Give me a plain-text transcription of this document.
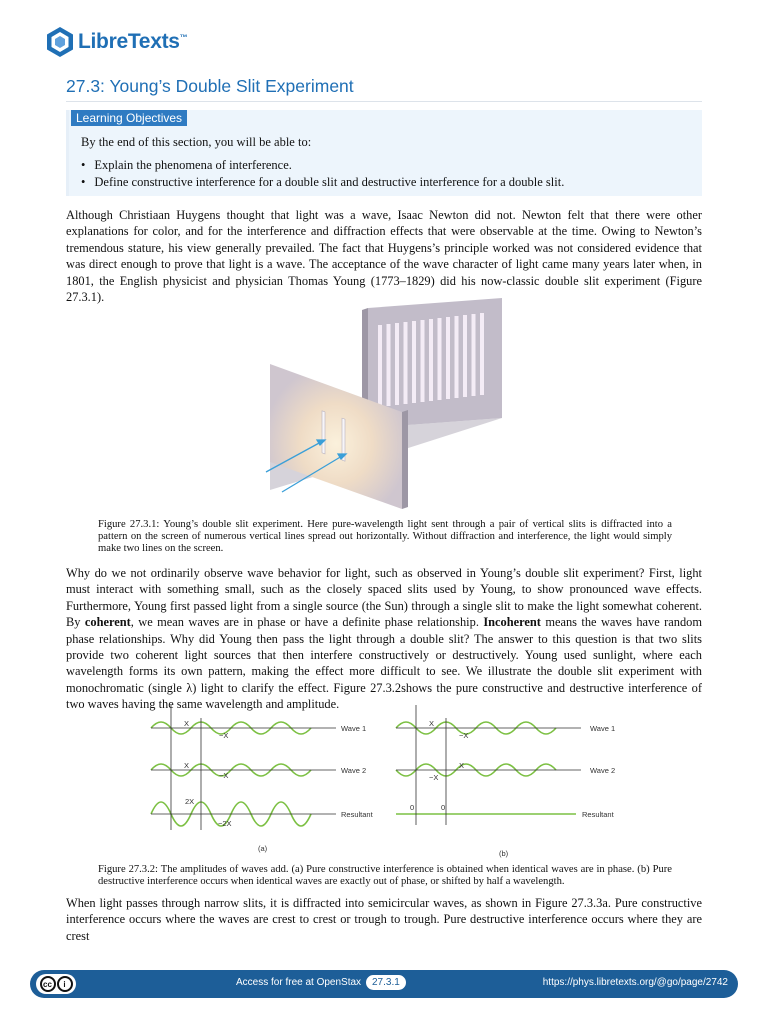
LibreTexts™
27.3: Young’s Double Slit Experiment
Learning Objectives
By the end of this section, you will be able to:
• Explain the phenomena of interference.
• Define constructive interference for a double slit and destructive interference for a double slit.

Although Christiaan Huygens thought that light was a wave, Isaac Newton did not. Newton felt that there were other explanations for color, and for the interference and diffraction effects that were observable at the time. Owing to Newton’s tremendous stature, his view generally prevailed. The fact that Huygens’s principle worked was not considered evidence that was direct enough to prove that light is a wave. The acceptance of the wave character of light came many years later when, in 1801, the English physicist and physician Thomas Young (1773–1829) did his now-classic double slit experiment (Figure 27.3.1).

Figure 27.3.1: Young’s double slit experiment. Here pure-wavelength light sent through a pair of vertical slits is diffracted into a pattern on the screen of numerous vertical lines spread out horizontally. Without diffraction and interference, the light would simply make two lines on the screen.

Why do we not ordinarily observe wave behavior for light, such as observed in Young’s double slit experiment? First, light must interact with something small, such as the closely spaced slits used by Young, to show pronounced wave effects. Furthermore, Young first passed light from a single source (the Sun) through a single slit to make the light somewhat coherent. By coherent, we mean waves are in phase or have a definite phase relationship. Incoherent means the waves have random phase relationships. Why did Young then pass the light through a double slit? The answer to this question is that two slits provide two coherent light sources that then interfere constructively or destructively. Young used sunlight, where each wavelength forms its own pattern, making the effect more difficult to see. We illustrate the double slit experiment with monochromatic (single λ) light to clarify the effect. Figure 27.3.2shows the pure constructive and destructive interference of two waves having the same wavelength and amplitude.

X
−X
Wave 1
X
−X
Wave 2
2X
−2X
Resultant
(a)
X
−X
Wave 1
X
−X
Wave 2
0	0
Resultant
(b)

Figure 27.3.2: The amplitudes of waves add. (a) Pure constructive interference is obtained when identical waves are in phase. (b) Pure destructive interference occurs when identical waves are exactly out of phase, or shifted by half a wavelength.

When light passes through narrow slits, it is diffracted into semicircular waves, as shown in Figure 27.3.3a. Pure constructive interference occurs where the waves are crest to crest or trough to trough. Pure destructive interference occurs where they are crest

cc	i	Access for free at OpenStax	27.3.1	https://phys.libretexts.org/@go/page/2742
